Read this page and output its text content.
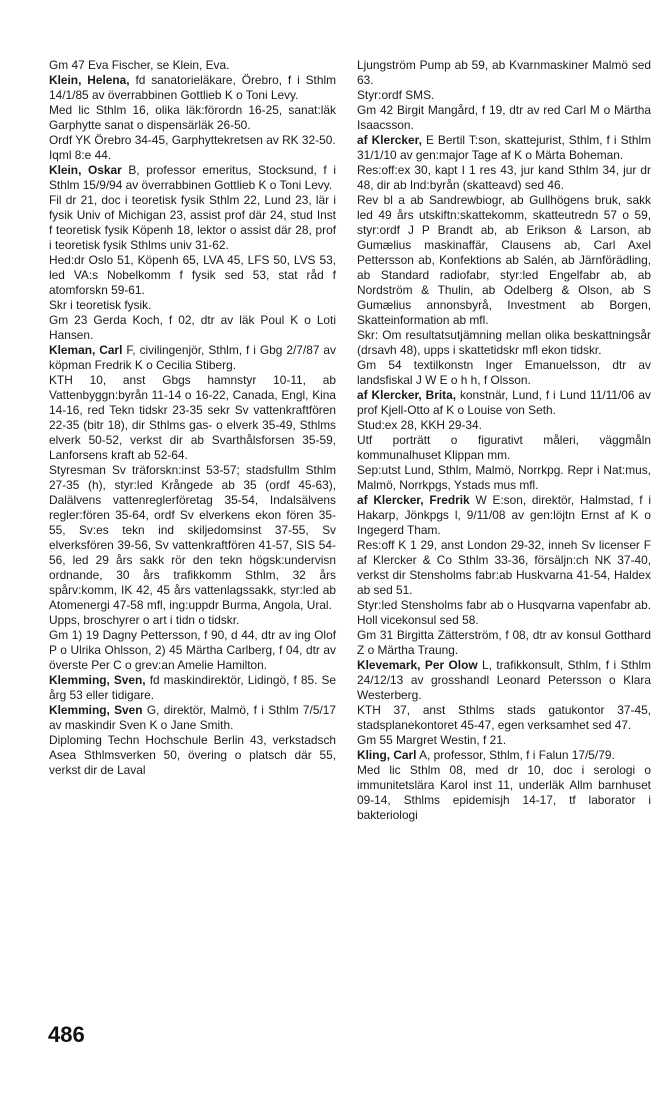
Gm 47 Eva Fischer, se Klein, Eva.

Klein, Helena, fd sanatorieläkare, Örebro, f i Sthlm 14/1/85 av överrabbinen Gottlieb K o Toni Levy.

Med lic Sthlm 16, olika läk:förordn 16-25, sanat:läk Garphytte sanat o dispensärläk 26-50.

Ordf YK Örebro 34-45, Garphyttekretsen av RK 32-50.

Iqml 8:e 44.

Klein, Oskar B, professor emeritus, Stocksund, f i Sthlm 15/9/94 av överrabbinen Gottlieb K o Toni Levy.

Fil dr 21, doc i teoretisk fysik Sthlm 22, Lund 23, lär i fysik Univ of Michigan 23, assist prof där 24, stud Inst f teoretisk fysik Köpenh 18, lektor o assist där 28, prof i teoretisk fysik Sthlms univ 31-62.

Hed:dr Oslo 51, Köpenh 65, LVA 45, LFS 50, LVS 53, led VA:s Nobelkomm f fysik sed 53, stat råd f atomforskn 59-61.

Skr i teoretisk fysik.

Gm 23 Gerda Koch, f 02, dtr av läk Poul K o Loti Hansen.

Kleman, Carl F, civilingenjör, Sthlm, f i Gbg 2/7/87 av köpman Fredrik K o Cecilia Stiberg.

KTH 10, anst Gbgs hamnstyr 10-11, ab Vattenbyggn:byrån 11-14 o 16-22, Canada, Engl, Kina 14-16, red Tekn tidskr 23-35 sekr Sv vattenkraftfören 22-35 (bitr 18), dir Sthlms gas- o elverk 35-49, Sthlms elverk 50-52, verkst dir ab Svarthålsforsen 35-59, Lanforsens kraft ab 52-64.

Styresman Sv träforskn:inst 53-57; stadsfullm Sthlm 27-35 (h), styr:led Krångede ab 35 (ordf 45-63), Dalälvens vattenreglerföretag 35-54, Indalsälvens regler:fören 35-64, ordf Sv elverkens ekon fören 35-55, Sv:es tekn ind skiljedomsinst 37-55, Sv elverksfören 39-56, Sv vattenkraftfören 41-57, SIS 54-56, led 29 års sakk rör den tekn högsk:undervisn ordnande, 30 års trafikkomm Sthlm, 32 års spårv:komm, IK 42, 45 års vattenlagssakk, styr:led ab Atomenergi 47-58 mfl, ing:uppdr Burma, Angola, Ural.

Upps, broschyrer o art i tidn o tidskr.

Gm 1) 19 Dagny Pettersson, f 90, d 44, dtr av ing Olof P o Ulrika Ohlsson, 2) 45 Märtha Carlberg, f 04, dtr av överste Per C o grev:an Amelie Hamilton.

Klemming, Sven, fd maskindirektör, Lidingö, f 85. Se årg 53 eller tidigare.

Klemming, Sven G, direktör, Malmö, f i Sthlm 7/5/17 av maskindir Sven K o Jane Smith.

Diploming Techn Hochschule Berlin 43, verkstadsch Asea Sthlmsverken 50, övering o platsch där 55, verkst dir de Laval

Ljungström Pump ab 59, ab Kvarnmaskiner Malmö sed 63.

Styr:ordf SMS.

Gm 42 Birgit Mangård, f 19, dtr av red Carl M o Märtha Isaacsson.

af Klercker, E Bertil T:son, skattejurist, Sthlm, f i Sthlm 31/1/10 av gen:major Tage af K o Märta Boheman.

Res:off:ex 30, kapt I 1 res 43, jur kand Sthlm 34, jur dr 48, dir ab Ind:byrån (skatteavd) sed 46.

Rev bl a ab Sandrewbiogr, ab Gullhögens bruk, sakk led 49 års utskiftn:skattekomm, skatteutredn 57 o 59, styr:ordf J P Brandt ab, ab Erikson & Larson, ab Gumælius maskinaffär, Clausens ab, Carl Axel Pettersson ab, Konfektions ab Salén, ab Järnförädling, ab Standard radiofabr, styr:led Engelfabr ab, ab Nordström & Thulin, ab Odelberg & Olson, ab S Gumælius annonsbyrå, Investment ab Borgen, Skatteinformation ab mfl.

Skr: Om resultatsutjämning mellan olika beskattningsår (drsavh 48), upps i skattetidskr mfl ekon tidskr.

Gm 54 textilkonstn Inger Emanuelsson, dtr av landsfiskal J W E o h h, f Olsson.

af Klercker, Brita, konstnär, Lund, f i Lund 11/11/06 av prof Kjell-Otto af K o Louise von Seth.

Stud:ex 28, KKH 29-34.

Utf porträtt o figurativt måleri, väggmåln kommunalhuset Klippan mm.

Sep:utst Lund, Sthlm, Malmö, Norrkpg. Repr i Nat:mus, Malmö, Norrkpgs, Ystads mus mfl.

af Klercker, Fredrik W E:son, direktör, Halmstad, f i Hakarp, Jönkpgs l, 9/11/08 av gen:löjtn Ernst af K o Ingegerd Tham.

Res:off K 1 29, anst London 29-32, inneh Sv licenser F af Klercker & Co Sthlm 33-36, försäljn:ch NK 37-40, verkst dir Stensholms fabr:ab Huskvarna 41-54, Haldex ab sed 51.

Styr:led Stensholms fabr ab o Husqvarna vapenfabr ab. Holl vicekonsul sed 58.

Gm 31 Birgitta Zätterström, f 08, dtr av konsul Gotthard Z o Märtha Traung.

Klevemark, Per Olow L, trafikkonsult, Sthlm, f i Sthlm 24/12/13 av grosshandl Leonard Petersson o Klara Westerberg.

KTH 37, anst Sthlms stads gatukontor 37-45, stadsplanekontoret 45-47, egen verksamhet sed 47.

Gm 55 Margret Westin, f 21.

Kling, Carl A, professor, Sthlm, f i Falun 17/5/79.

Med lic Sthlm 08, med dr 10, doc i serologi o immunitetslära Karol inst 11, underläk Allm barnhuset 09-14, Sthlms epidemisjh 14-17, tf laborator i bakteriologi

486
